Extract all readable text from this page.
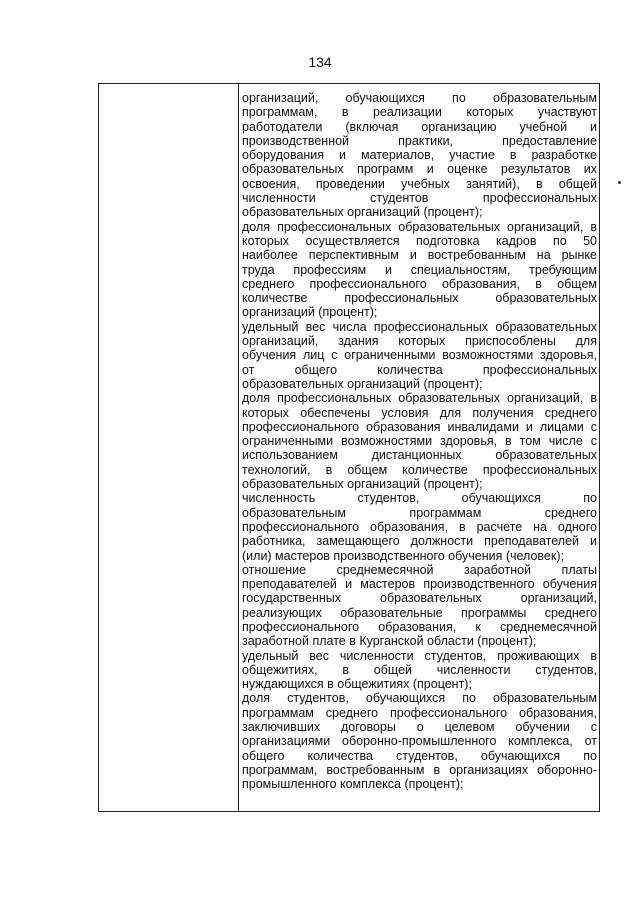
134
организаций, обучающихся по образовательным
программам, в реализации которых участвуют
работодатели (включая организацию учебной и
производственной практики, предоставление
оборудования и материалов, участие в разработке
образовательных программ и оценке результатов их
освоения, проведении учебных занятий), в общей
численности студентов профессиональных
образовательных организаций (процент);
доля профессиональных образовательных организаций, в
которых осуществляется подготовка кадров по 50
наиболее перспективным и востребованным на рынке
труда профессиям и специальностям, требующим
среднего профессионального образования, в общем
количестве профессиональных образовательных
организаций (процент);
удельный вес числа профессиональных образовательных
организаций, здания которых приспособлены для
обучения лиц с ограниченными возможностями здоровья,
от общего количества профессиональных
образовательных организаций (процент);
доля профессиональных образовательных организаций, в
которых обеспечены условия для получения среднего
профессионального образования инвалидами и лицами с
ограниченными возможностями здоровья, в том числе с
использованием дистанционных образовательных
технологий, в общем количестве профессиональных
образовательных организаций (процент);
численность студентов, обучающихся по
образовательным программам среднего
профессионального образования, в расчете на одного
работника, замещающего должности преподавателей и
(или) мастеров производственного обучения (человек);
отношение среднемесячной заработной платы
преподавателей и мастеров производственного обучения
государственных образовательных организаций,
реализующих образовательные программы среднего
профессионального образования, к среднемесячной
заработной плате в Курганской области (процент);
удельный вес численности студентов, проживающих в
общежитиях, в общей численности студентов,
нуждающихся в общежитиях (процент);
доля студентов, обучающихся по образовательным
программам среднего профессионального образования,
заключивших договоры о целевом обучении с
организациями оборонно-промышленного комплекса, от
общего количества студентов, обучающихся по
программам, востребованным в организациях оборонно-
промышленного комплекса (процент);
